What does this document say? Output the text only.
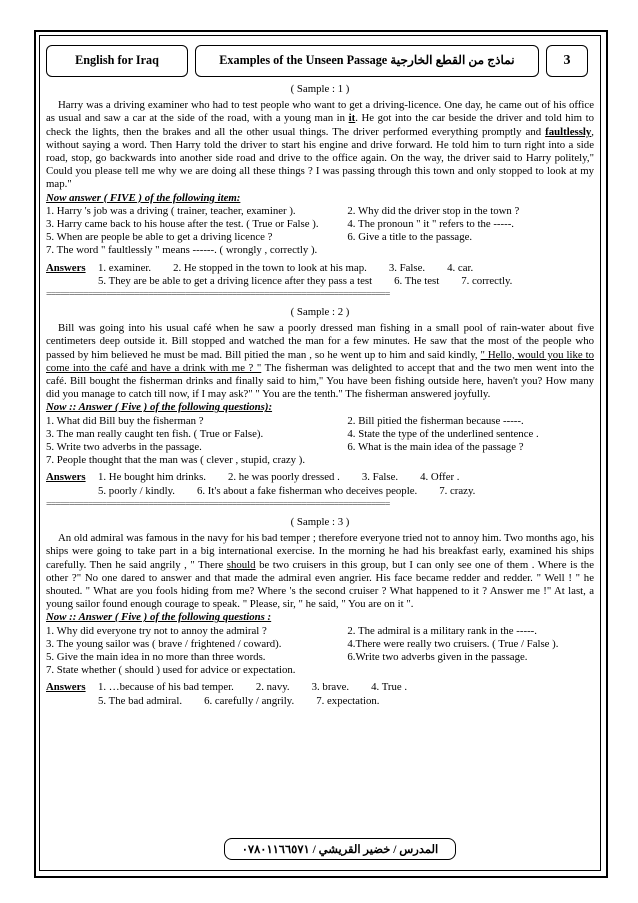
English for Iraq	Examples of the Unseen Passage نماذج من القطع الخارجية	3
( Sample : 1 )

Harry was a driving examiner who had to test people who want to get a driving-licence. One day, he came out of his office as usual and saw a car at the side of the road, with a young man in it. He got into the car beside the driver and told him to check the lights, then the brakes and all the other usual things. The driver performed everything promptly and faultlessly, without saying a word. Then Harry told the driver to start his engine and drive forward. He told him to turn right into a side road, stop, go backwards into another side road and drive to the office again. On the way, the driver said to Harry politely," Could you please tell me why we are doing all these things ? I was passing through this town and only stopped to look at my map."

Now answer ( FIVE ) of the following item:
1. Harry 's job was a driving ( trainer, teacher, examiner ).	2. Why did the driver stop in the town ?
3. Harry came back to his house after the test. ( True or False ).	4. The pronoun " it " refers to the -----.
5. When are people be able to get a driving licence ?	6. Give a title to the passage.
7. The word " faultlessly " means ------. ( wrongly , correctly ).
Answers	1. examiner. 2. He stopped in the town to look at his map. 3. False. 4. car.
5. They are be able to get a driving licence after they pass a test 6. The test 7. correctly.
==========================================================================
( Sample : 2 )

Bill was going into his usual café when he saw a poorly dressed man fishing in a small pool of rain-water about five centimeters deep outside it. Bill stopped and watched the man for a few minutes. He saw that the most of the people who passed by him believed he must be mad. Bill pitied the man , so he went up to him and said kindly, " Hello, would you like to come into the café and have a drink with me ? " The fisherman was delighted to accept that and the two men went into the café. Bill bought the fisherman drinks and finally said to him," You have been fishing outside here, haven't you? How many did you manage to catch till now, if I may ask?" " You are the tenth." The fisherman answered joyfully.

Now :: Answer ( Five ) of the following questions):
1. What did Bill buy the fisherman ?	2. Bill pitied the fisherman because -----.
3. The man really caught ten fish. ( True or False).	4. State the type of the underlined sentence .
5. Write two adverbs in the passage.	6. What is the main idea of the passage ?
7. People thought that the man was ( clever , stupid, crazy ).
Answers	1. He bought him drinks. 2. he was poorly dressed . 3. False. 4. Offer .
5. poorly / kindly. 6. It's about a fake fisherman who deceives people. 7. crazy.
==========================================================================
( Sample : 3 )

An old admiral was famous in the navy for his bad temper ; therefore everyone tried not to annoy him. Two months ago, his ships were going to take part in a big international exercise. In the morning he had his breakfast early, examined his ships carefully. Then he said angrily , " There should be two cruisers in this group, but I can only see one of them . Where is the other ?" No one dared to answer and that made the admiral even angrier. His face became redder and redder. " Well ! " he shouted. " What are you fools hiding from me? Where 's the second cruiser ? What happened to it ? Answer me !" At last, a young sailor found enough courage to speak. " Please, sir, " he said, " You are on it ".

Now :: Answer ( Five ) of the following questions :
1. Why did everyone try not to annoy the admiral ?	2. The admiral is a military rank in the -----.
3. The young sailor was ( brave / frightened / coward).	4.There were really two cruisers. ( True / False ).
5. Give the main idea in no more than three words.	6.Write two adverbs given in the passage.
7. State whether ( should ) used for advice or expectation.
Answers	1. …because of his bad temper. 2. navy. 3. brave. 4. True .
5. The bad admiral. 6. carefully / angrily. 7. expectation.
المدرس / خضير القريشي / ٠٧٨٠١١٦٦٥٧١
